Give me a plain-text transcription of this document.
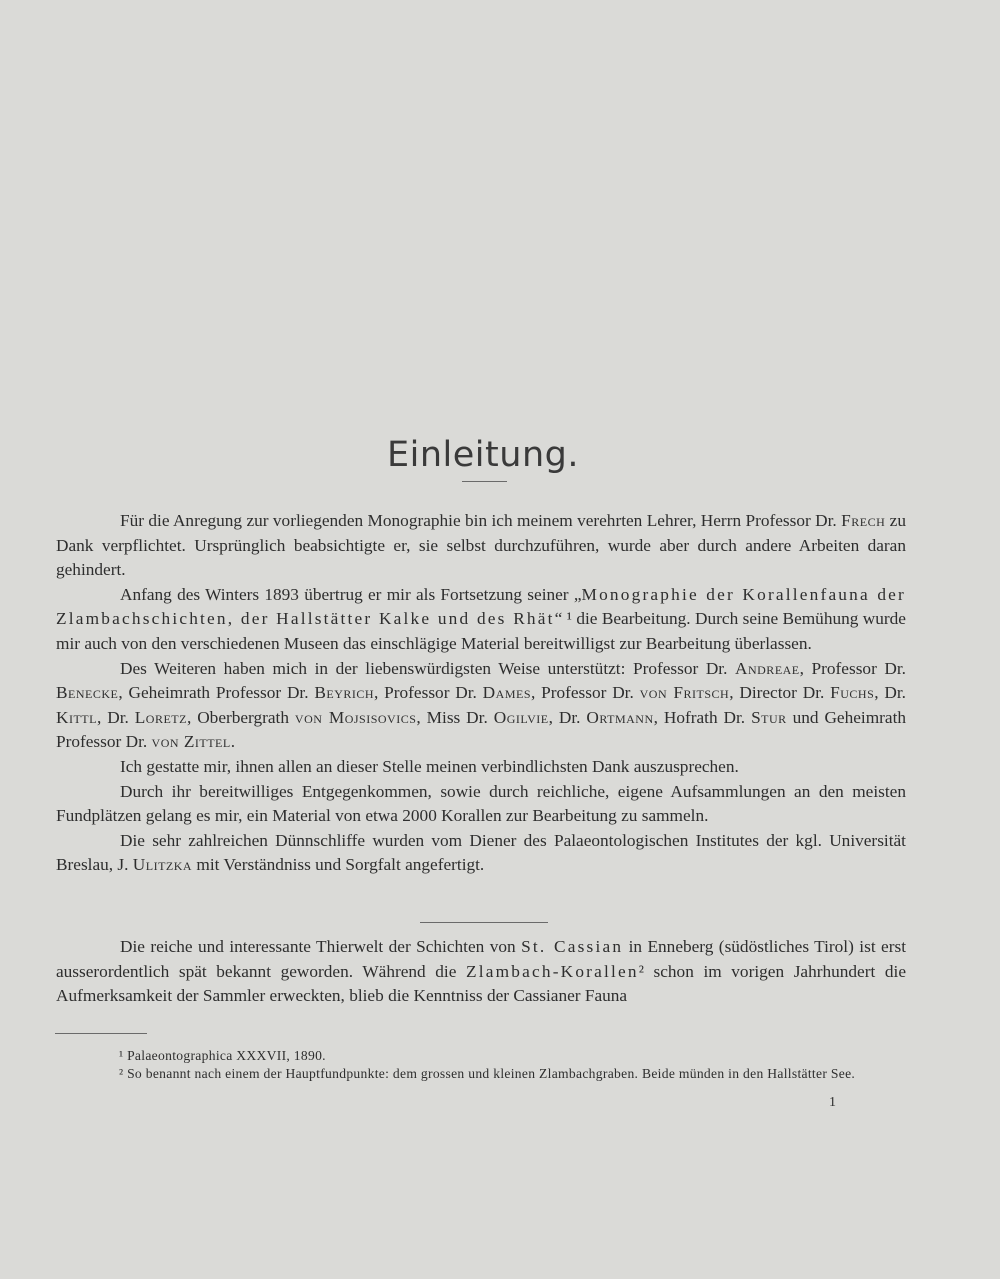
Einleitung.

Für die Anregung zur vorliegenden Monographie bin ich meinem verehrten Lehrer, Herrn Professor Dr. Frech zu Dank verpflichtet. Ursprünglich beabsichtigte er, sie selbst durchzuführen, wurde aber durch andere Arbeiten daran gehindert.

Anfang des Winters 1893 übertrug er mir als Fortsetzung seiner „Monographie der Korallenfauna der Zlambachschichten, der Hallstätter Kalke und des Rhät“ ¹ die Bearbeitung. Durch seine Bemühung wurde mir auch von den verschiedenen Museen das einschlägige Material bereitwilligst zur Bearbeitung überlassen.

Des Weiteren haben mich in der liebenswürdigsten Weise unterstützt: Professor Dr. Andreae, Professor Dr. Benecke, Geheimrath Professor Dr. Beyrich, Professor Dr. Dames, Professor Dr. von Fritsch, Director Dr. Fuchs, Dr. Kittl, Dr. Loretz, Oberbergrath von Mojsisovics, Miss Dr. Ogilvie, Dr. Ortmann, Hofrath Dr. Stur und Geheimrath Professor Dr. von Zittel.

Ich gestatte mir, ihnen allen an dieser Stelle meinen verbindlichsten Dank auszusprechen.

Durch ihr bereitwilliges Entgegenkommen, sowie durch reichliche, eigene Aufsammlungen an den meisten Fundplätzen gelang es mir, ein Material von etwa 2000 Korallen zur Bearbeitung zu sammeln.

Die sehr zahlreichen Dünnschliffe wurden vom Diener des Palaeontologischen Institutes der kgl. Universität Breslau, J. Ulitzka mit Verständniss und Sorgfalt angefertigt.

Die reiche und interessante Thierwelt der Schichten von St. Cassian in Enneberg (südöstliches Tirol) ist erst ausserordentlich spät bekannt geworden. Während die Zlambach-Korallen² schon im vorigen Jahrhundert die Aufmerksamkeit der Sammler erweckten, blieb die Kenntniss der Cassianer Fauna

¹ Palaeontographica XXXVII, 1890.

² So benannt nach einem der Hauptfundpunkte: dem grossen und kleinen Zlambachgraben. Beide münden in den Hallstätter See.

1
